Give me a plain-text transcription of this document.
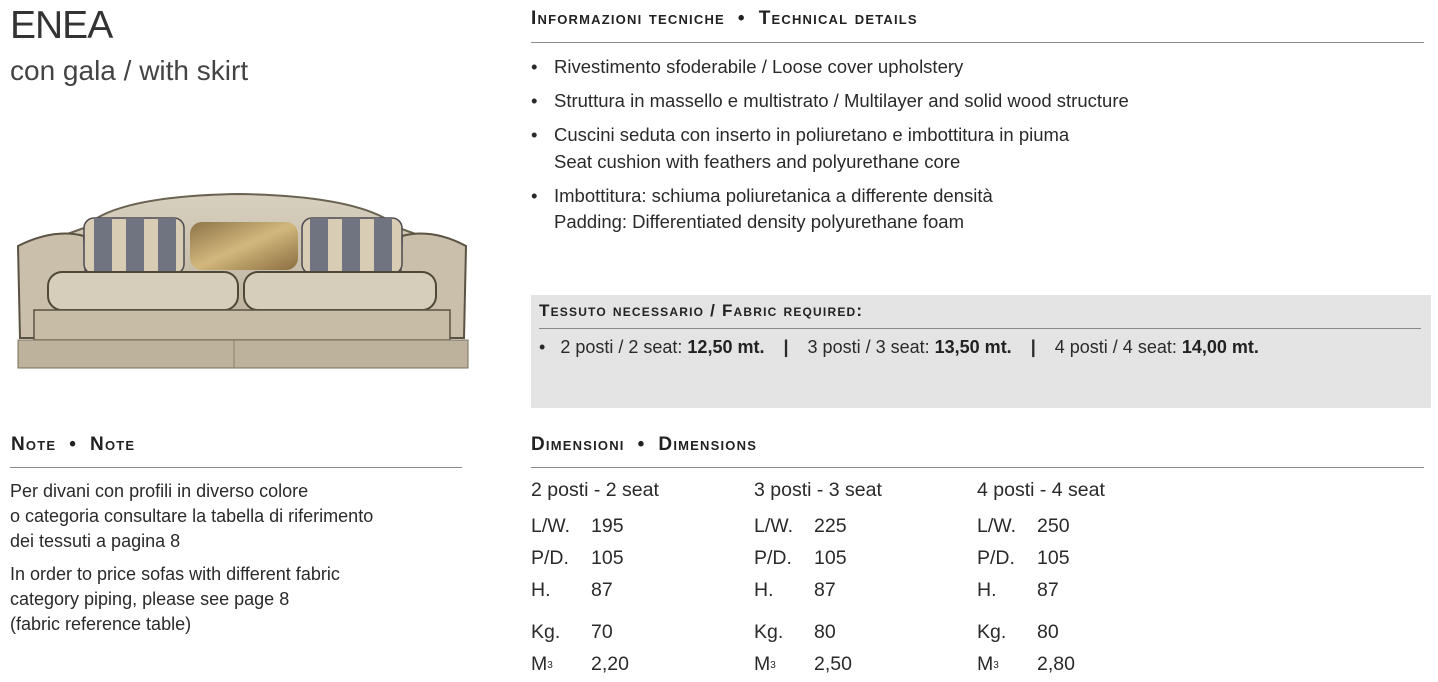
ENEA
con gala / with skirt
Informazioni tecniche  •  Technical details
• Rivestimento sfoderabile / Loose cover upholstery
• Struttura in massello e multistrato / Multilayer and solid wood structure
• Cuscini seduta con inserto in poliuretano e imbottitura in piuma
Seat cushion with feathers and polyurethane core
• Imbottitura: schiuma poliuretanica a differente densità
Padding: Differentiated density polyurethane foam
Tessuto necessario / Fabric required:
•   2 posti / 2 seat: 12,50 mt. | 3 posti / 3 seat: 13,50 mt. | 4 posti / 4 seat: 14,00 mt.
Note  •  Note

Per divani con profili in diverso colore
o categoria consultare la tabella di riferimento
dei tessuti a pagina 8

In order to price sofas with different fabric
category piping, please see page 8
(fabric reference table)

Dimensioni  •  Dimensions
2 posti - 2 seat
L/W. 195
P/D. 105
H. 87
Kg. 70
$M^3$ 2,20
3 posti - 3 seat
L/W. 225
P/D. 105
H. 87
Kg. 80
$M^3$ 2,50
4 posti - 4 seat
L/W. 250
P/D. 105
H. 87
Kg. 80
$M^3$ 2,80
